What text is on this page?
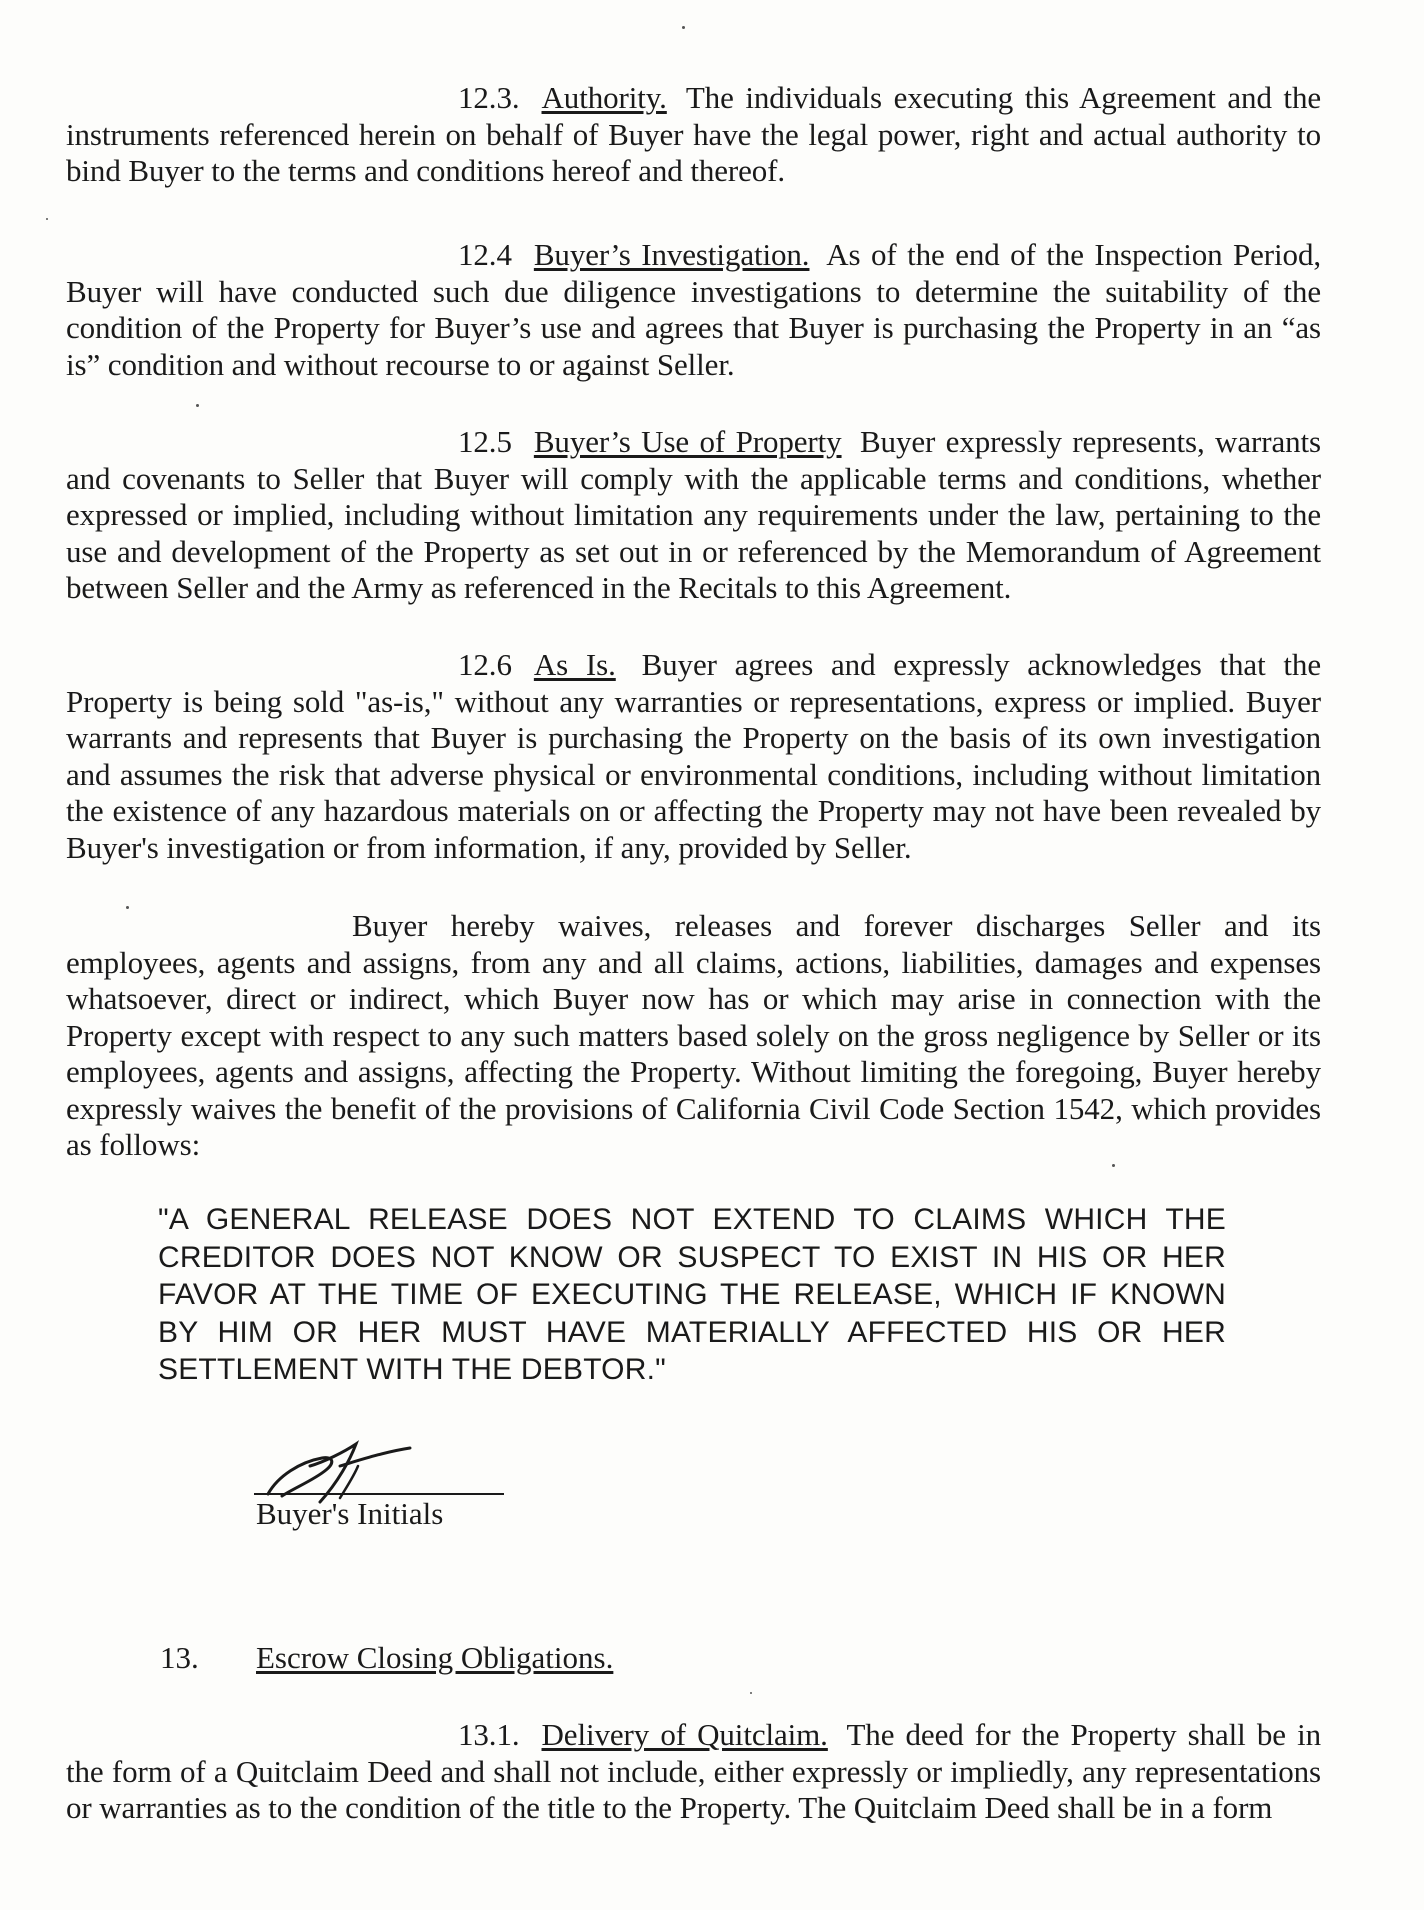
12.3. Authority. The individuals executing this Agreement and the instruments referenced herein on behalf of Buyer have the legal power, right and actual authority to bind Buyer to the terms and conditions hereof and thereof.

12.4 Buyer’s Investigation. As of the end of the Inspection Period, Buyer will have conducted such due diligence investigations to determine the suitability of the condition of the Property for Buyer’s use and agrees that Buyer is purchasing the Property in an “as is” condition and without recourse to or against Seller.

12.5 Buyer’s Use of Property Buyer expressly represents, warrants and covenants to Seller that Buyer will comply with the applicable terms and conditions, whether expressed or implied, including without limitation any requirements under the law, pertaining to the use and development of the Property as set out in or referenced by the Memorandum of Agreement between Seller and the Army as referenced in the Recitals to this Agreement.

12.6 As Is. Buyer agrees and expressly acknowledges that the Property is being sold "as-is," without any warranties or representations, express or implied. Buyer warrants and represents that Buyer is purchasing the Property on the basis of its own investigation and assumes the risk that adverse physical or environmental conditions, including without limitation the existence of any hazardous materials on or affecting the Property may not have been revealed by Buyer's investigation or from information, if any, provided by Seller.

Buyer hereby waives, releases and forever discharges Seller and its employees, agents and assigns, from any and all claims, actions, liabilities, damages and expenses whatsoever, direct or indirect, which Buyer now has or which may arise in connection with the Property except with respect to any such matters based solely on the gross negligence by Seller or its employees, agents and assigns, affecting the Property. Without limiting the foregoing, Buyer hereby expressly waives the benefit of the provisions of California Civil Code Section 1542, which provides as follows:

"A GENERAL RELEASE DOES NOT EXTEND TO CLAIMS WHICH THE CREDITOR DOES NOT KNOW OR SUSPECT TO EXIST IN HIS OR HER FAVOR AT THE TIME OF EXECUTING THE RELEASE, WHICH IF KNOWN BY HIM OR HER MUST HAVE MATERIALLY AFFECTED HIS OR HER SETTLEMENT WITH THE DEBTOR."

Buyer's Initials
13. Escrow Closing Obligations.

13.1. Delivery of Quitclaim. The deed for the Property shall be in the form of a Quitclaim Deed and shall not include, either expressly or impliedly, any representations or warranties as to the condition of the title to the Property. The Quitclaim Deed shall be in a form
